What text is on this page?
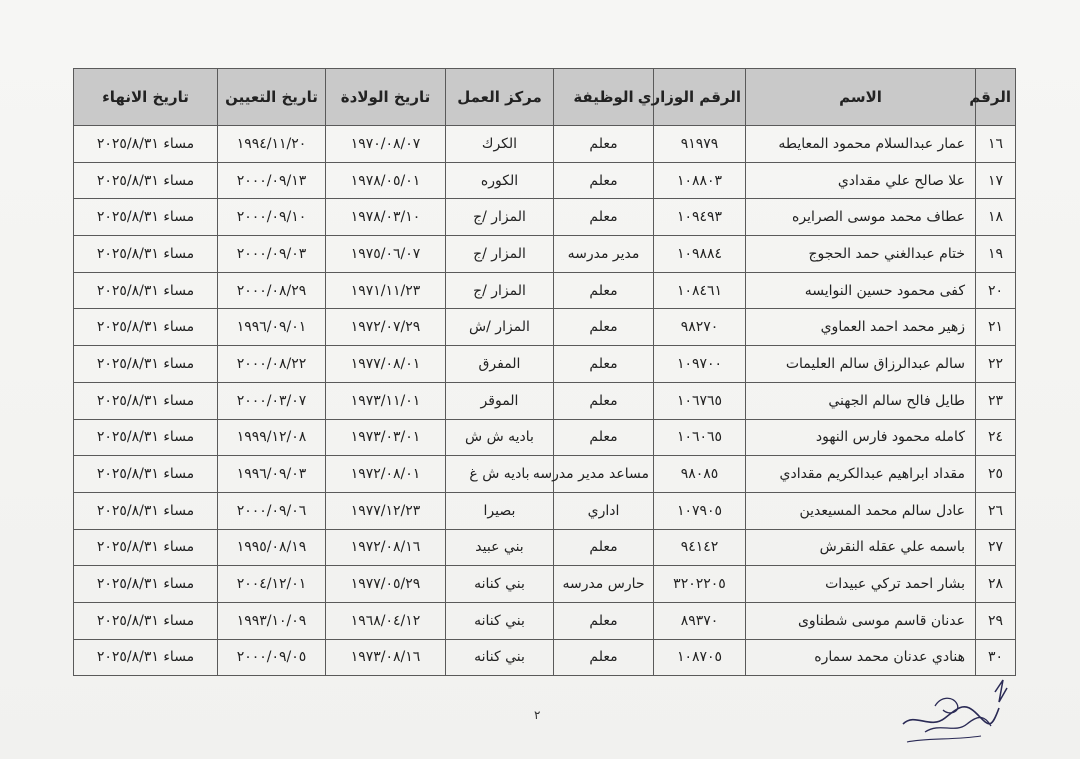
الرقم	الاسم	الرقم الوزاري	الوظيفة	مركز العمل	تاريخ الولادة	تاريخ التعيين	تاريخ الانهاء
١٦	عمار عبدالسلام محمود المعايطه	٩١٩٧٩	معلم	الكرك	١٩٧٠/٠٨/٠٧	١٩٩٤/١١/٢٠	مساء ٢٠٢٥/٨/٣١
١٧	علا صالح علي مقدادي	١٠٨٨٠٣	معلم	الكوره	١٩٧٨/٠٥/٠١	٢٠٠٠/٠٩/١٣	مساء ٢٠٢٥/٨/٣١
١٨	عطاف محمد موسى الصرايره	١٠٩٤٩٣	معلم	المزار /ج	١٩٧٨/٠٣/١٠	٢٠٠٠/٠٩/١٠	مساء ٢٠٢٥/٨/٣١
١٩	ختام عبدالغني حمد الحجوج	١٠٩٨٨٤	مدير مدرسه	المزار /ج	١٩٧٥/٠٦/٠٧	٢٠٠٠/٠٩/٠٣	مساء ٢٠٢٥/٨/٣١
٢٠	كفى محمود حسين النوايسه	١٠٨٤٦١	معلم	المزار /ج	١٩٧١/١١/٢٣	٢٠٠٠/٠٨/٢٩	مساء ٢٠٢٥/٨/٣١
٢١	زهير محمد احمد العماوي	٩٨٢٧٠	معلم	المزار /ش	١٩٧٢/٠٧/٢٩	١٩٩٦/٠٩/٠١	مساء ٢٠٢٥/٨/٣١
٢٢	سالم عبدالرزاق سالم العليمات	١٠٩٧٠٠	معلم	المفرق	١٩٧٧/٠٨/٠١	٢٠٠٠/٠٨/٢٢	مساء ٢٠٢٥/٨/٣١
٢٣	طايل فالح سالم الجهني	١٠٦٧٦٥	معلم	الموقر	١٩٧٣/١١/٠١	٢٠٠٠/٠٣/٠٧	مساء ٢٠٢٥/٨/٣١
٢٤	كامله محمود فارس النهود	١٠٦٠٦٥	معلم	باديه ش ش	١٩٧٣/٠٣/٠١	١٩٩٩/١٢/٠٨	مساء ٢٠٢٥/٨/٣١
٢٥	مقداد ابراهيم عبدالكريم مقدادي	٩٨٠٨٥	مساعد مدير مدرسه	باديه ش غ	١٩٧٢/٠٨/٠١	١٩٩٦/٠٩/٠٣	مساء ٢٠٢٥/٨/٣١
٢٦	عادل سالم محمد المسيعدين	١٠٧٩٠٥	اداري	بصيرا	١٩٧٧/١٢/٢٣	٢٠٠٠/٠٩/٠٦	مساء ٢٠٢٥/٨/٣١
٢٧	باسمه علي عقله النقرش	٩٤١٤٢	معلم	بني عبيد	١٩٧٢/٠٨/١٦	١٩٩٥/٠٨/١٩	مساء ٢٠٢٥/٨/٣١
٢٨	بشار احمد تركي عبيدات	٣٢٠٢٢٠٥	حارس مدرسه	بني كنانه	١٩٧٧/٠٥/٢٩	٢٠٠٤/١٢/٠١	مساء ٢٠٢٥/٨/٣١
٢٩	عدنان قاسم موسى شطناوى	٨٩٣٧٠	معلم	بني كنانه	١٩٦٨/٠٤/١٢	١٩٩٣/١٠/٠٩	مساء ٢٠٢٥/٨/٣١
٣٠	هنادي عدنان محمد سماره	١٠٨٧٠٥	معلم	بني كنانه	١٩٧٣/٠٨/١٦	٢٠٠٠/٠٩/٠٥	مساء ٢٠٢٥/٨/٣١
٢
